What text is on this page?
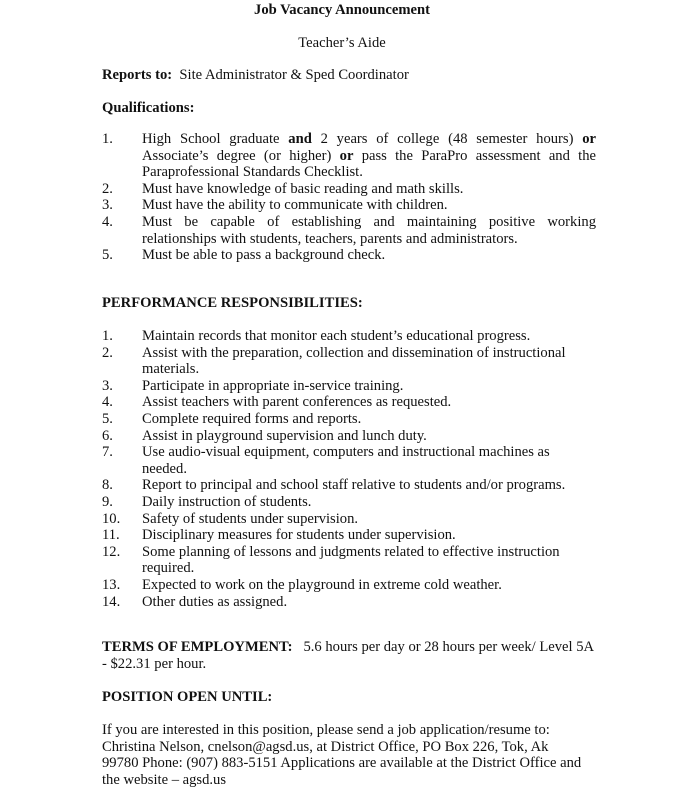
Job Vacancy Announcement
Teacher’s Aide
Reports to: Site Administrator & Sped Coordinator
Qualifications:
1.	High School graduate and 2 years of college (48 semester hours) or Associate’s degree (or higher) or pass the ParaPro assessment and the Paraprofessional Standards Checklist.
2.	Must have knowledge of basic reading and math skills.
3.	Must have the ability to communicate with children.
4.	Must be capable of establishing and maintaining positive working relationships with students, teachers, parents and administrators.
5.	Must be able to pass a background check.
PERFORMANCE RESPONSIBILITIES:
1.	Maintain records that monitor each student’s educational progress.
2.	Assist with the preparation, collection and dissemination of instructional materials.
3.	Participate in appropriate in-service training.
4.	Assist teachers with parent conferences as requested.
5.	Complete required forms and reports.
6.	Assist in playground supervision and lunch duty.
7.	Use audio-visual equipment, computers and instructional machines as needed.
8.	Report to principal and school staff relative to students and/or programs.
9.	Daily instruction of students.
10.	Safety of students under supervision.
11.	Disciplinary measures for students under supervision.
12.	Some planning of lessons and judgments related to effective instruction required.
13.	Expected to work on the playground in extreme cold weather.
14.	Other duties as assigned.
TERMS OF EMPLOYMENT: 5.6 hours per day or 28 hours per week/ Level 5A - $22.31 per hour.
POSITION OPEN UNTIL:
If you are interested in this position, please send a job application/resume to: Christina Nelson, cnelson@agsd.us, at District Office, PO Box 226, Tok, Ak 99780 Phone: (907) 883-5151 Applications are available at the District Office and the website – agsd.us
